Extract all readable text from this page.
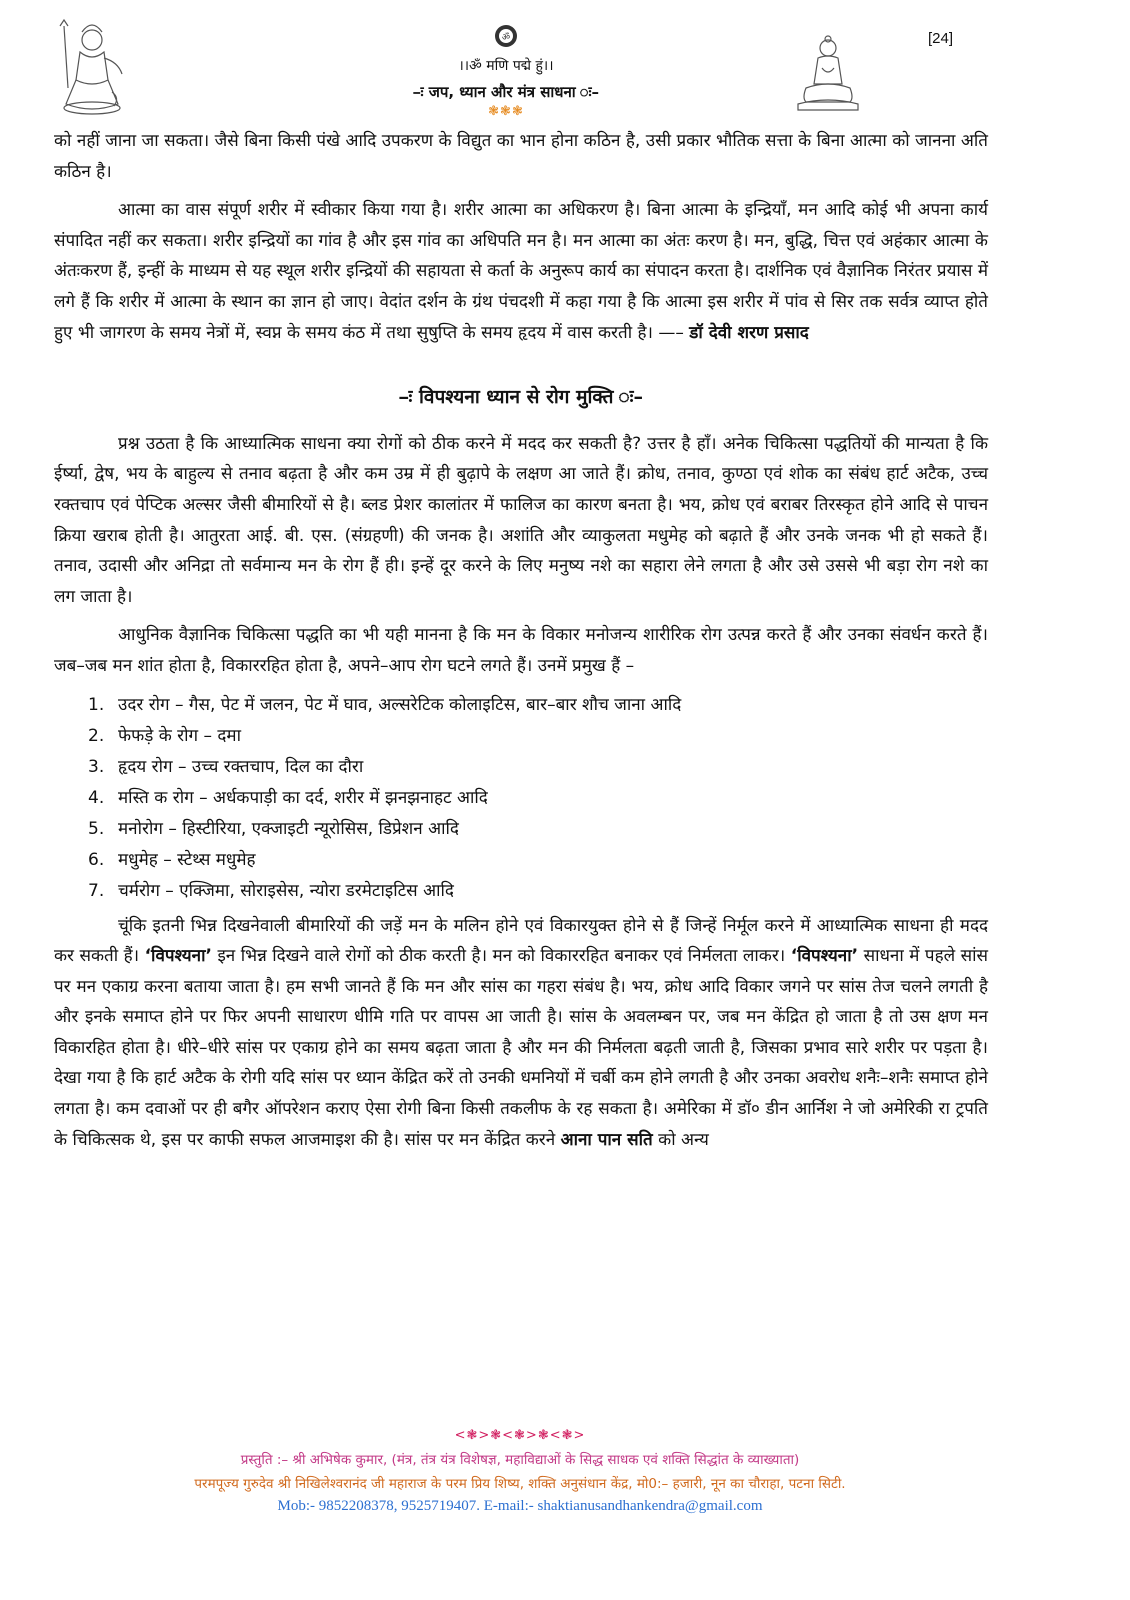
[24]
ॐ
।।ॐ मणि पद्मे हुं।।
–ः जप, ध्यान और मंत्र साधना ः–
❃❃❃

को नहीं जाना जा सकता। जैसे बिना किसी पंखे आदि उपकरण के विद्युत का भान होना कठिन है, उसी प्रकार भौतिक सत्ता के बिना आत्मा को जानना अति कठिन है।

आत्मा का वास संपूर्ण शरीर में स्वीकार किया गया है। शरीर आत्मा का अधिकरण है। बिना आत्मा के इन्द्रियाँ, मन आदि कोई भी अपना कार्य संपादित नहीं कर सकता। शरीर इन्द्रियों का गांव है और इस गांव का अधिपति मन है। मन आत्मा का अंतः करण है। मन, बुद्धि, चित्त एवं अहंकार आत्मा के अंतःकरण हैं, इन्हीं के माध्यम से यह स्थूल शरीर इन्द्रियों की सहायता से कर्ता के अनुरूप कार्य का संपादन करता है। दार्शनिक एवं वैज्ञानिक निरंतर प्रयास में लगे हैं कि शरीर में आत्मा के स्थान का ज्ञान हो जाए। वेदांत दर्शन के ग्रंथ पंचदशी में कहा गया है कि आत्मा इस शरीर में पांव से सिर तक सर्वत्र व्याप्त होते हुए भी जागरण के समय नेत्रों में, स्वप्न के समय कंठ में तथा सुषुप्ति के समय हृदय में वास करती है। —– डॉ देवी शरण प्रसाद

–ः विपश्यना ध्यान से रोग मुक्ति ः–

प्रश्न उठता है कि आध्यात्मिक साधना क्या रोगों को ठीक करने में मदद कर सकती है? उत्तर है हाँ। अनेक चिकित्सा पद्धतियों की मान्यता है कि ईर्ष्या, द्वेष, भय के बाहुल्य से तनाव बढ़ता है और कम उम्र में ही बुढ़ापे के लक्षण आ जाते हैं। क्रोध, तनाव, कुण्ठा एवं शोक का संबंध हार्ट अटैक, उच्च रक्तचाप एवं पेप्टिक अल्सर जैसी बीमारियों से है। ब्लड प्रेशर कालांतर में फालिज का कारण बनता है। भय, क्रोध एवं बराबर तिरस्कृत होने आदि से पाचन क्रिया खराब होती है। आतुरता आई. बी. एस. (संग्रहणी) की जनक है। अशांति और व्याकुलता मधुमेह को बढ़ाते हैं और उनके जनक भी हो सकते हैं। तनाव, उदासी और अनिद्रा तो सर्वमान्य मन के रोग हैं ही। इन्हें दूर करने के लिए मनुष्य नशे का सहारा लेने लगता है और उसे उससे भी बड़ा रोग नशे का लग जाता है।

आधुनिक वैज्ञानिक चिकित्सा पद्धति का भी यही मानना है कि मन के विकार मनोजन्य शारीरिक रोग उत्पन्न करते हैं और उनका संवर्धन करते हैं। जब–जब मन शांत होता है, विकाररहित होता है, अपने–आप रोग घटने लगते हैं। उनमें प्रमुख हैं –

1. उदर रोग – गैस, पेट में जलन, पेट में घाव, अल्सरेटिक कोलाइटिस, बार–बार शौच जाना आदि
2. फेफड़े के रोग – दमा
3. हृदय रोग – उच्च रक्तचाप, दिल का दौरा
4. मस्ति क रोग – अर्धकपाड़ी का दर्द, शरीर में झनझनाहट आदि
5. मनोरोग – हिस्टीरिया, एक्जाइटी न्यूरोसिस, डिप्रेशन आदि
6. मधुमेह – स्टेथ्स मधुमेह
7. चर्मरोग – एक्जिमा, सोराइसेस, न्योरा डरमेटाइटिस आदि

चूंकि इतनी भिन्न दिखनेवाली बीमारियों की जड़ें मन के मलिन होने एवं विकारयुक्त होने से हैं जिन्हें निर्मूल करने में आध्यात्मिक साधना ही मदद कर सकती हैं। ‘विपश्यना’ इन भिन्न दिखने वाले रोगों को ठीक करती है। मन को विकाररहित बनाकर एवं निर्मलता लाकर। ‘विपश्यना’ साधना में पहले सांस पर मन एकाग्र करना बताया जाता है। हम सभी जानते हैं कि मन और सांस का गहरा संबंध है। भय, क्रोध आदि विकार जगने पर सांस तेज चलने लगती है और इनके समाप्त होने पर फिर अपनी साधारण धीमि गति पर वापस आ जाती है। सांस के अवलम्बन पर, जब मन केंद्रित हो जाता है तो उस क्षण मन विकारहित होता है। धीरे–धीरे सांस पर एकाग्र होने का समय बढ़ता जाता है और मन की निर्मलता बढ़ती जाती है, जिसका प्रभाव सारे शरीर पर पड़ता है। देखा गया है कि हार्ट अटैक के रोगी यदि सांस पर ध्यान केंद्रित करें तो उनकी धमनियों में चर्बी कम होने लगती है और उनका अवरोध शनैः–शनैः समाप्त होने लगता है। कम दवाओं पर ही बगैर ऑपरेशन कराए ऐसा रोगी बिना किसी तकलीफ के रह सकता है। अमेरिका में डॉ० डीन आर्निश ने जो अमेरिकी रा ट्रपति के चिकित्सक थे, इस पर काफी सफल आजमाइश की है। सांस पर मन केंद्रित करने आना पान सति को अन्य

<❃>❃<❃>❃<❃>
प्रस्तुति :– श्री अभिषेक कुमार, (मंत्र, तंत्र यंत्र विशेषज्ञ, महाविद्याओं के सिद्ध साधक एवं शक्ति सिद्धांत के व्याख्याता)
परमपूज्य गुरुदेव श्री निखिलेश्वरानंद जी महाराज के परम प्रिय शिष्य, शक्ति अनुसंधान केंद्र, मो0:– हजारी, नून का चौराहा, पटना सिटी.
Mob:- 9852208378, 9525719407. E-mail:- shaktianusandhankendra@gmail.com
